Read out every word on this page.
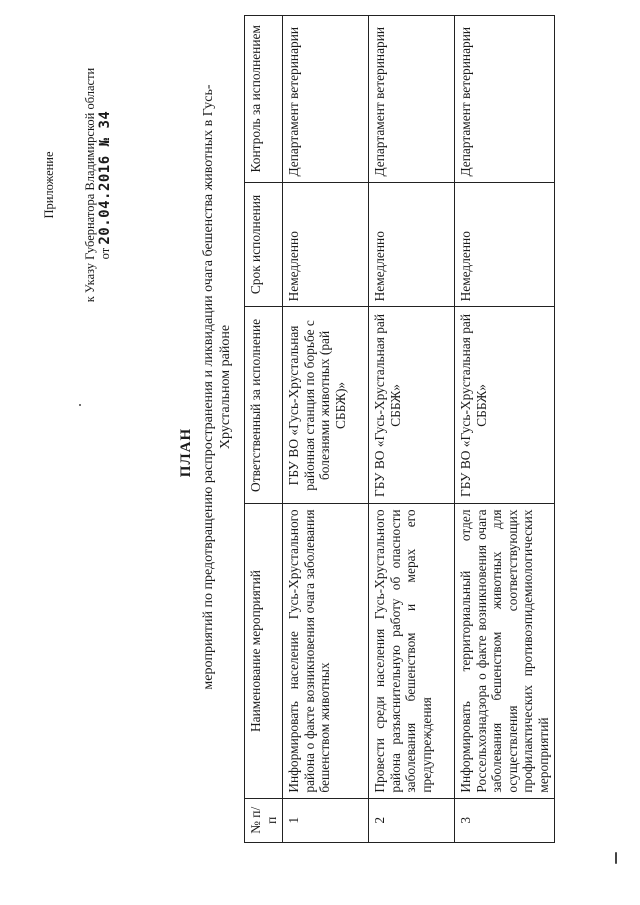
Приложение к Указу Губернатора Владимирской области от 20.04.2016 № 34
ПЛАН мероприятий по предотвращению распространения и ликвидации очага бешенства животных в Гусь-Хрустальном районе
№ п/п	Наименование мероприятий	Ответственный за исполнение	Срок исполнения	Контроль за исполнением
1	Информировать население Гусь-Хрустального района о факте возникновения очага заболевания бешенством животных	ГБУ ВО «Гусь-Хрустальная районная станция по борьбе с болезнями животных (рай СББЖ)»	Немедленно	Департамент ветеринарии
2	Провести среди населения Гусь-Хрустального района разъяснительную работу об опасности заболевания бешенством и мерах его предупреждения	ГБУ ВО «Гусь-Хрустальная рай СББЖ»	Немедленно	Департамент ветеринарии
3	Информировать территориальный отдел Россельхознадзора о факте возникновения очага заболевания бешенством животных для осуществления соответствующих профилактических противоэпидемиологических мероприятий	ГБУ ВО «Гусь-Хрустальная рай СББЖ»	Немедленно	Департамент ветеринарии
